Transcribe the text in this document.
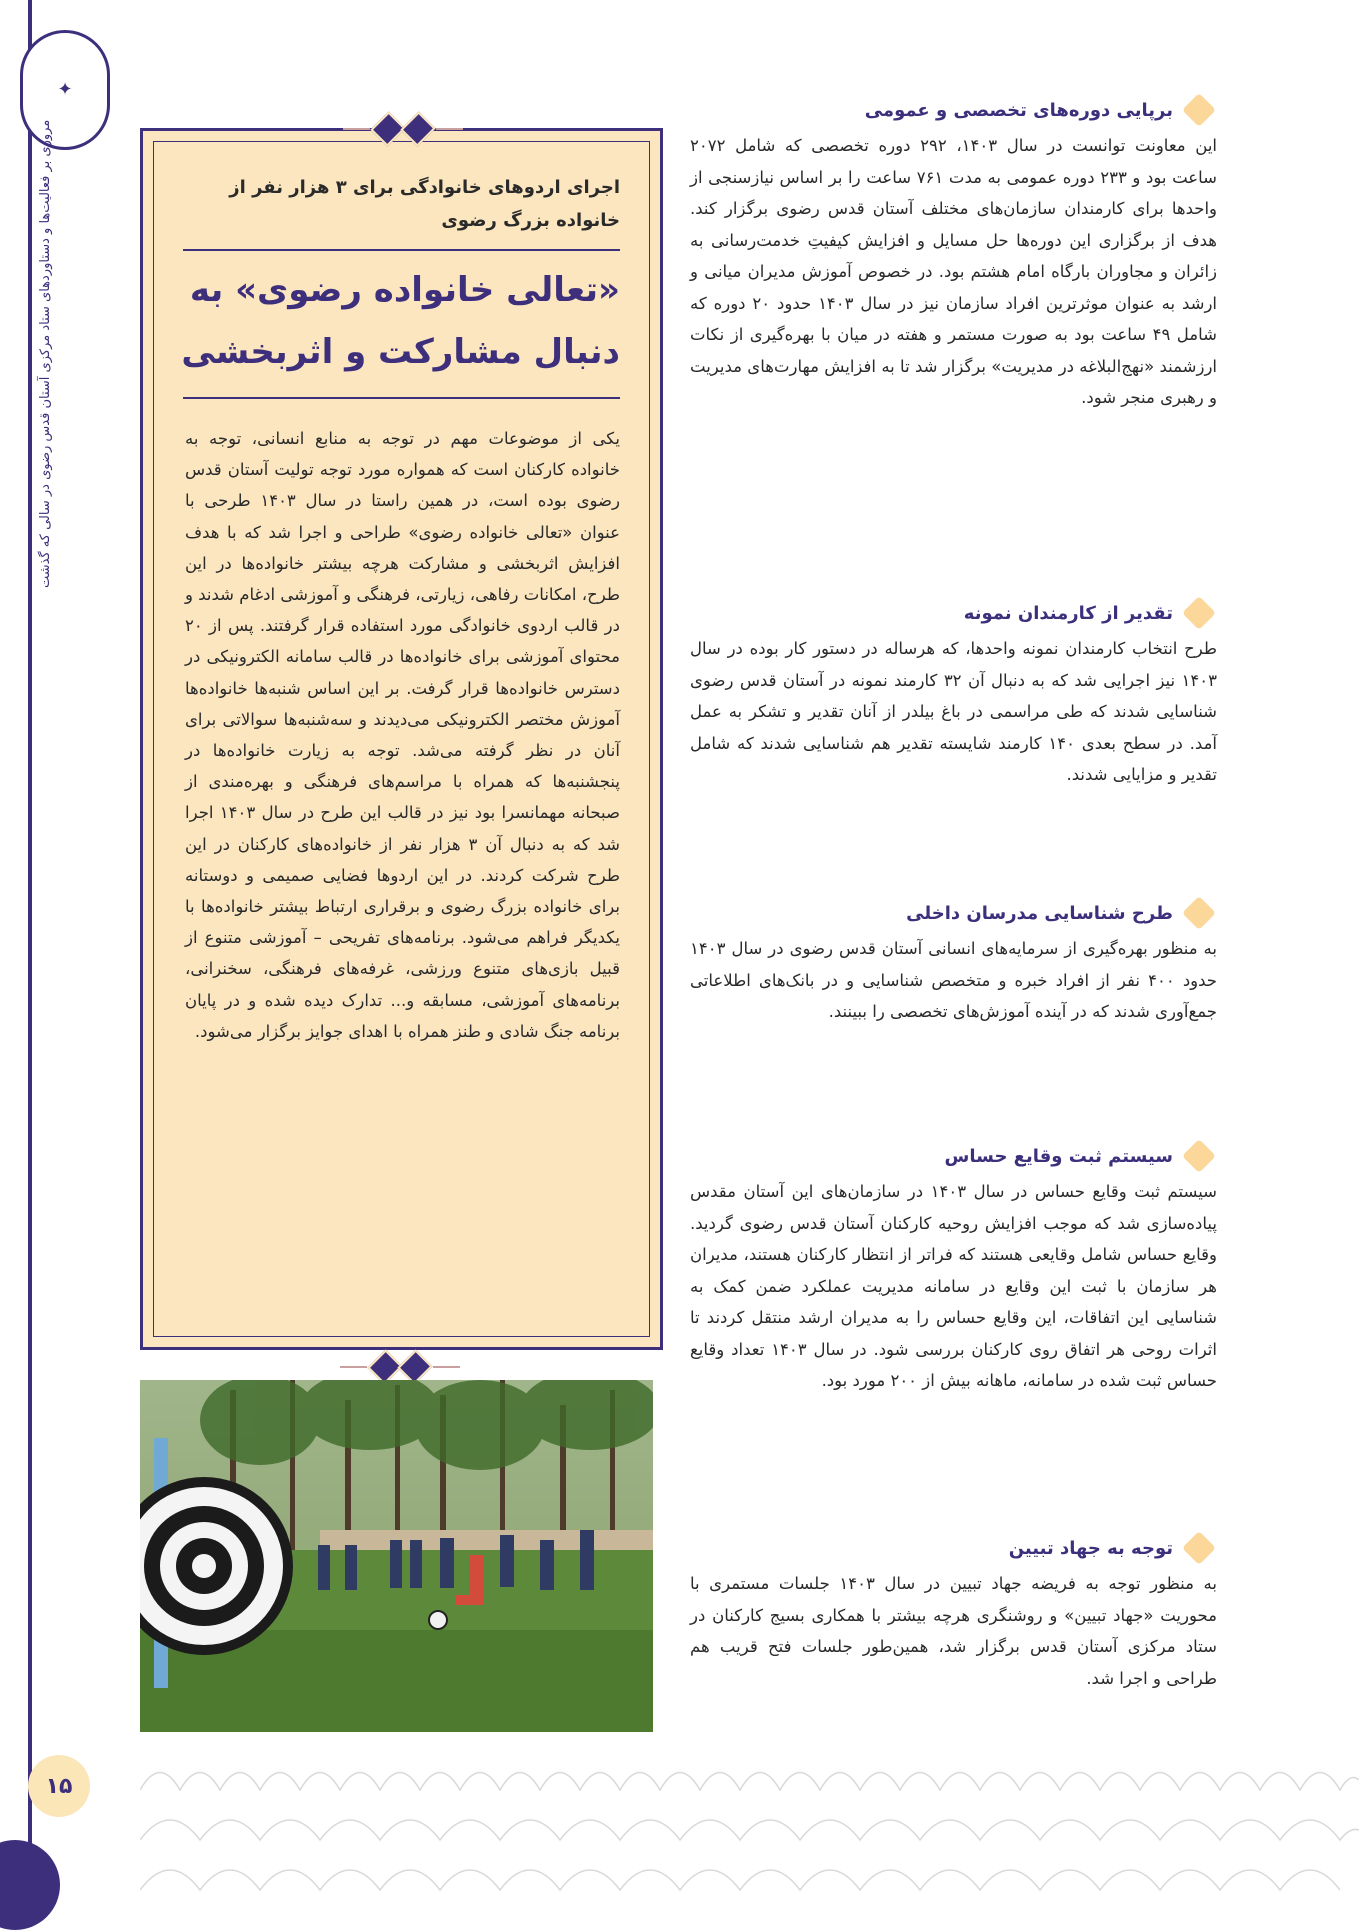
✦
مروری بر فعالیت‌ها و دستاوردهای ستاد مرکزی آستان قدس رضوی در سالی که گذشت
۱۵
اجرای اردوهای خانوادگی برای ۳ هزار نفر از خانواده بزرگ رضوی
«تعالی خانواده رضوی» به دنبال مشارکت و اثربخشی
یکی از موضوعات مهم در توجه به منابع انسانی، توجه به خانواده کارکنان است که همواره مورد توجه تولیت آستان قدس رضوی بوده است، در همین راستا در سال ۱۴۰۳ طرحی با عنوان «تعالی خانواده رضوی» طراحی و اجرا شد که با هدف افزایش اثربخشی و مشارکت هرچه بیشتر خانواده‌ها در این طرح، امکانات رفاهی، زیارتی، فرهنگی و آموزشی ادغام شدند و در قالب اردوی خانوادگی مورد استفاده قرار گرفتند. پس از ۲۰ محتوای آموزشی برای خانواده‌ها در قالب سامانه الکترونیکی در دسترس خانواده‌ها قرار گرفت. بر این اساس شنبه‌ها خانواده‌ها آموزش مختصر الکترونیکی می‌دیدند و سه‌شنبه‌ها سوالاتی برای آنان در نظر گرفته می‌شد. توجه به زیارت خانواده‌ها در پنجشنبه‌ها که همراه با مراسم‌های فرهنگی و بهره‌مندی از صبحانه مهمانسرا بود نیز در قالب این طرح در سال ۱۴۰۳ اجرا شد که به دنبال آن ۳ هزار نفر از خانواده‌های کارکنان در این طرح شرکت کردند. در این اردوها فضایی صمیمی و دوستانه برای خانواده بزرگ رضوی و برقراری ارتباط بیشتر خانواده‌ها با یکدیگر فراهم می‌شود. برنامه‌های تفریحی – آموزشی متنوع از قبیل بازی‌های متنوع ورزشی، غرفه‌های فرهنگی، سخنرانی، برنامه‌های آموزشی، مسابقه و... تدارک دیده شده و در پایان برنامه جنگ شادی و طنز همراه با اهدای جوایز برگزار می‌شود.
برپایی دوره‌های تخصصی و عمومی
این معاونت توانست در سال ۱۴۰۳، ۲۹۲ دوره تخصصی که شامل ۲۰۷۲ ساعت بود و ۲۳۳ دوره عمومی به مدت ۷۶۱ ساعت را بر اساس نیازسنجی از واحدها برای کارمندان سازمان‌های مختلف آستان قدس رضوی برگزار کند. هدف از برگزاری این دوره‌ها حل مسایل و افزایش کیفیتِ خدمت‌رسانی به زائران و مجاوران بارگاه امام هشتم بود. در خصوص آموزش مدیران میانی و ارشد به عنوان موثرترین افراد سازمان نیز در سال ۱۴۰۳ حدود ۲۰ دوره که شامل ۴۹ ساعت بود به صورت مستمر و هفته در میان با بهره‌گیری از نکات ارزشمند «نهج‌البلاغه در مدیریت» برگزار شد تا به افزایش مهارت‌های مدیریت و رهبری منجر شود.
تقدیر از کارمندان نمونه
طرح انتخاب کارمندان نمونه واحدها، که هرساله در دستور کار بوده در سال ۱۴۰۳ نیز اجرایی شد که به دنبال آن ۳۲ کارمند نمونه در آستان قدس رضوی شناسایی شدند که طی مراسمی در باغ بیلدر از آنان تقدیر و تشکر به عمل آمد. در سطح بعدی ۱۴۰ کارمند شایسته تقدیر هم شناسایی شدند که شامل تقدیر و مزایایی شدند.
طرح شناسایی مدرسان داخلی
به منظور بهره‌گیری از سرمایه‌های انسانی آستان قدس رضوی در سال ۱۴۰۳ حدود ۴۰۰ نفر از افراد خبره و متخصص شناسایی و در بانک‌های اطلاعاتی جمع‌آوری شدند که در آینده آموزش‌های تخصصی را ببینند.
سیستم ثبت وقایع حساس
سیستم ثبت وقایع حساس در سال ۱۴۰۳ در سازمان‌های این آستان مقدس پیاده‌سازی شد که موجب افزایش روحیه کارکنان آستان قدس رضوی گردید. وقایع حساس شامل وقایعی هستند که فراتر از انتظار کارکنان هستند، مدیران هر سازمان با ثبت این وقایع در سامانه مدیریت عملکرد ضمن کمک به شناسایی این اتفاقات، این وقایع حساس را به مدیران ارشد منتقل کردند تا اثرات روحی هر اتفاق روی کارکنان بررسی شود. در سال ۱۴۰۳ تعداد وقایع حساس ثبت شده در سامانه، ماهانه بیش از ۲۰۰ مورد بود.
توجه به جهاد تبیین
به منظور توجه به فریضه جهاد تبیین در سال ۱۴۰۳ جلسات مستمری با محوریت «جهاد تبیین» و روشنگری هرچه بیشتر با همکاری بسیج کارکنان در ستاد مرکزی آستان قدس برگزار شد، همین‌طور جلسات فتح قریب هم طراحی و اجرا شد.
